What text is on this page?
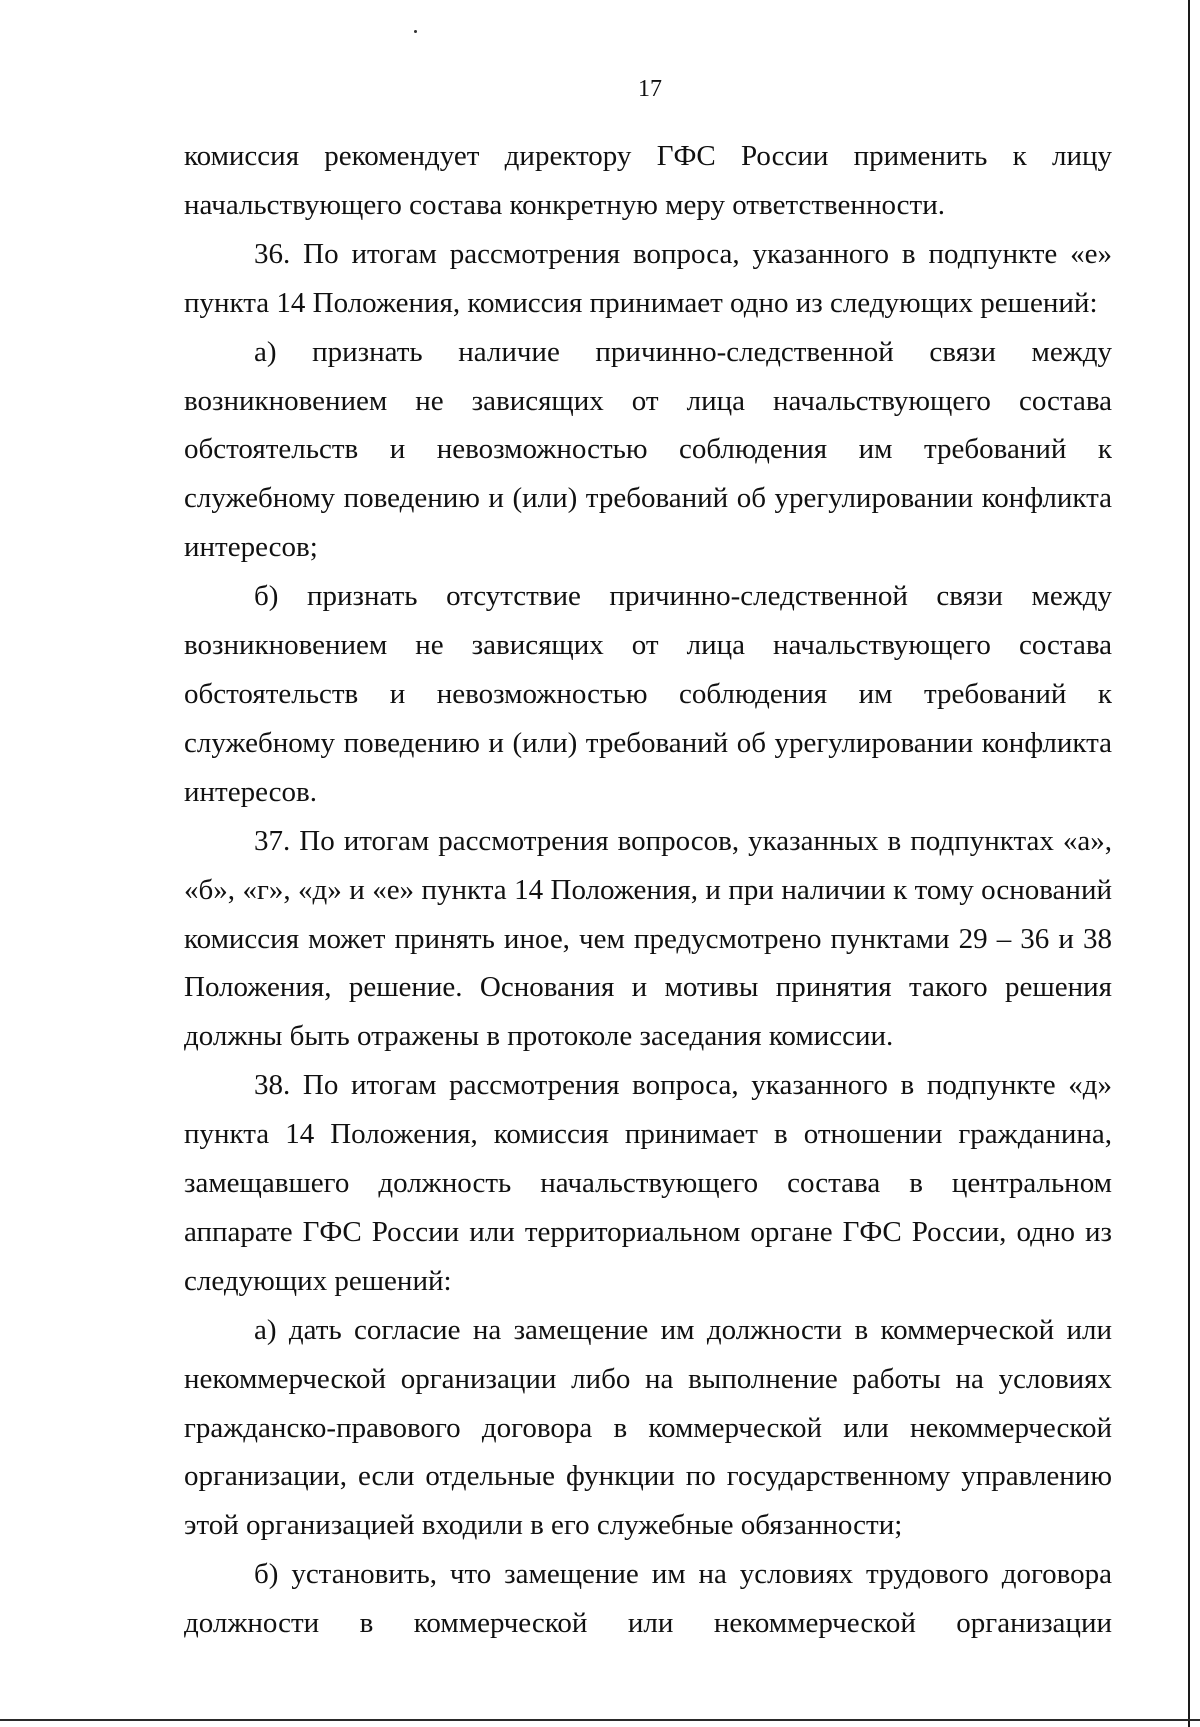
17

комиссия рекомендует директору ГФС России применить к лицу начальствующего состава конкретную меру ответственности.

36. По итогам рассмотрения вопроса, указанного в подпункте «е» пункта 14 Положения, комиссия принимает одно из следующих решений:

а) признать наличие причинно-следственной связи между возникновением не зависящих от лица начальствующего состава обстоятельств и невозможностью соблюдения им требований к служебному поведению и (или) требований об урегулировании конфликта интересов;

б) признать отсутствие причинно-следственной связи между возникновением не зависящих от лица начальствующего состава обстоятельств и невозможностью соблюдения им требований к служебному поведению и (или) требований об урегулировании конфликта интересов.

37. По итогам рассмотрения вопросов, указанных в подпунктах «а», «б», «г», «д» и «е» пункта 14 Положения, и при наличии к тому оснований комиссия может принять иное, чем предусмотрено пунктами 29 – 36 и 38 Положения, решение. Основания и мотивы принятия такого решения должны быть отражены в протоколе заседания комиссии.

38. По итогам рассмотрения вопроса, указанного в подпункте «д» пункта 14 Положения, комиссия принимает в отношении гражданина, замещавшего должность начальствующего состава в центральном аппарате ГФС России или территориальном органе ГФС России, одно из следующих решений:

а) дать согласие на замещение им должности в коммерческой или некоммерческой организации либо на выполнение работы на условиях гражданско-правового договора в коммерческой или некоммерческой организации, если отдельные функции по государственному управлению этой организацией входили в его служебные обязанности;

б) установить, что замещение им на условиях трудового договора должности в коммерческой или некоммерческой организации
